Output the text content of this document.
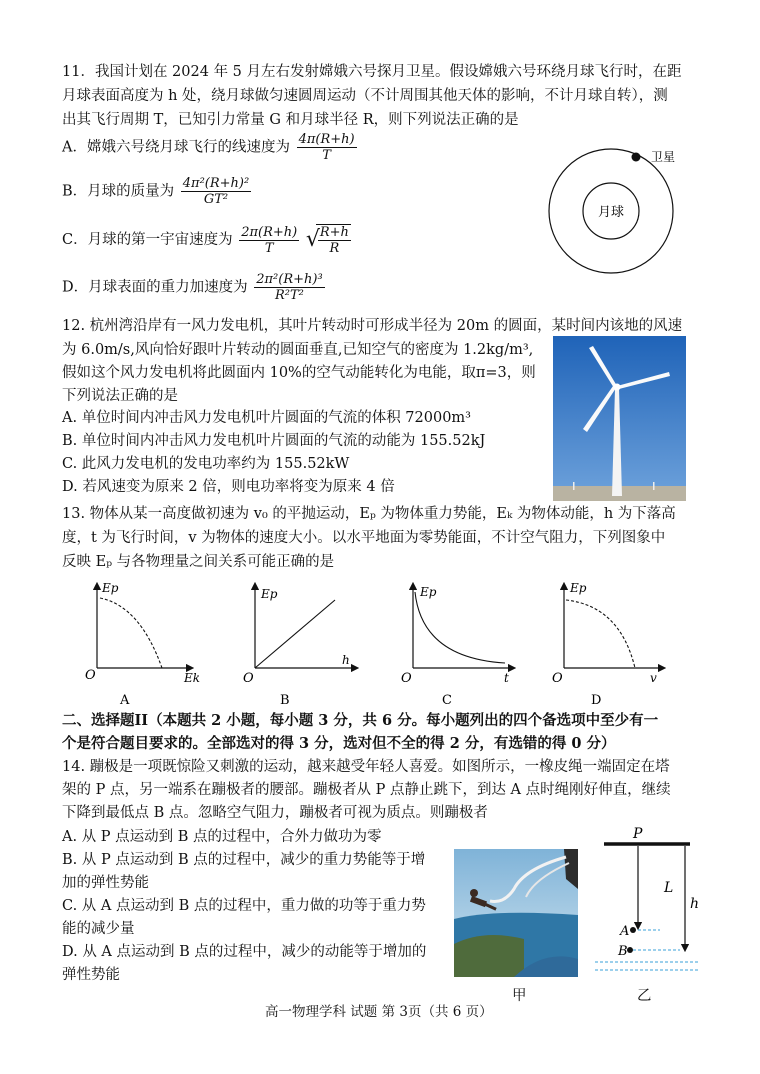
11．我国计划在 2024 年 5 月左右发射嫦娥六号探月卫星。假设嫦娥六号环绕月球飞行时，在距
月球表面高度为 h 处，绕月球做匀速圆周运动（不计周围其他天体的影响，不计月球自转），测
出其飞行周期 T，已知引力常量 G 和月球半径 R，则下列说法正确的是
A．嫦娥六号绕月球飞行的线速度为 $\frac{4\pi(R+h)}{T}$
B．月球的质量为 $\frac{\text{4π²(R+h)²}}{\text{GT²}}$
C．月球的第一宇宙速度为 $\frac{2\pi(R+h)}{T}$

√ $\frac{R+h}{R}$
D．月球表面的重力加速度为 $\frac{\text{2π²(R+h)³}}{\text{R²T²}}$
月球
卫星
12. 杭州湾沿岸有一风力发电机，其叶片转动时可形成半径为 20m 的圆面，某时间内该地的风速
为 6.0m/s,风向恰好跟叶片转动的圆面垂直,已知空气的密度为 1.2kg/m³,
假如这个风力发电机将此圆面内 10%的空气动能转化为电能，取π=3，则
下列说法正确的是
A. 单位时间内冲击风力发电机叶片圆面的气流的体积 72000m³
B. 单位时间内冲击风力发电机叶片圆面的气流的动能为 155.52kJ
C. 此风力发电机的发电功率约为 155.52kW
D. 若风速变为原来 2 倍，则电功率将变为原来 4 倍
13. 物体从某一高度做初速为 v₀ 的平抛运动，Eₚ 为物体重力势能，Eₖ 为物体动能，h 为下落高
度，t 为飞行时间，v 为物体的速度大小。以水平地面为零势能面，不计空气阻力，下列图象中
反映 Eₚ 与各物理量之间关系可能正确的是
Ep
Ek
O
A
Ep
h
O
B
Ep
t
O
C
Ep
v
O
D
二、选择题II（本题共 2 小题，每小题 3 分，共 6 分。每小题列出的四个备选项中至少有一
个是符合题目要求的。全部选对的得 3 分，选对但不全的得 2 分，有选错的得 0 分）
14. 蹦极是一项既惊险又刺激的运动，越来越受年轻人喜爱。如图所示，一橡皮绳一端固定在塔
架的 P 点，另一端系在蹦极者的腰部。蹦极者从 P 点静止跳下，到达 A 点时绳刚好伸直，继续
下降到最低点 B 点。忽略空气阻力，蹦极者可视为质点。则蹦极者
A. 从 P 点运动到 B 点的过程中，合外力做功为零
B. 从 P 点运动到 B 点的过程中，减少的重力势能等于增
加的弹性势能
C. 从 A 点运动到 B 点的过程中，重力做的功等于重力势
能的减少量
D. 从 A 点运动到 B 点的过程中，减少的动能等于增加的
弹性势能
甲
P
L
h
A
B
乙
高一物理学科 试题 第 3页（共 6 页）
